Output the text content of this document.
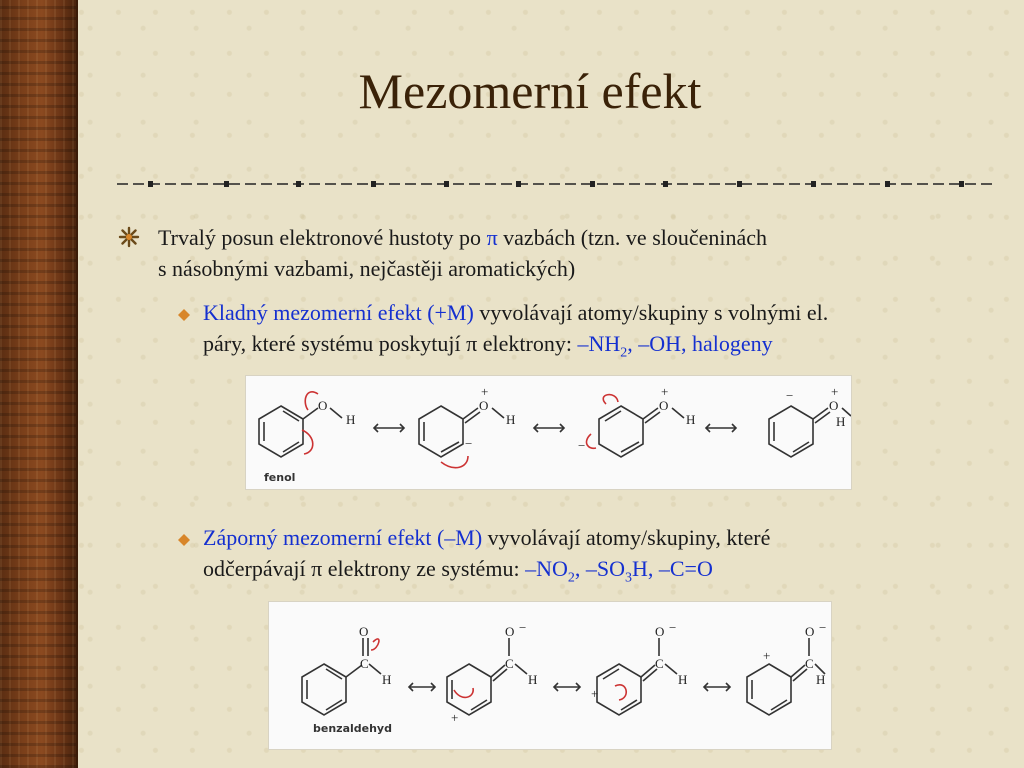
Mezomerní efekt
Trvalý posun elektronové hustoty po π vazbách (tzn. ve sloučeninách
s násobnými vazbami, nejčastěji aromatických)
Kladný mezomerní efekt (+M) vyvolávají atomy/skupiny s volnými el.
páry, které systému poskytují π elektrony: $-NH_2$, –OH, halogeny
O
H
O
H
+
−
O
H
+
−
O
H
+
−
fenol
Záporný mezomerní efekt (–M) vyvolávají atomy/skupiny, které
odčerpávají π elektrony ze systému: $-NO_2$, $-SO_3H$, –C=O
O
C
H
O −
C
H
+
O −
C
H
+
O −
C
H
+
benzaldehyd
